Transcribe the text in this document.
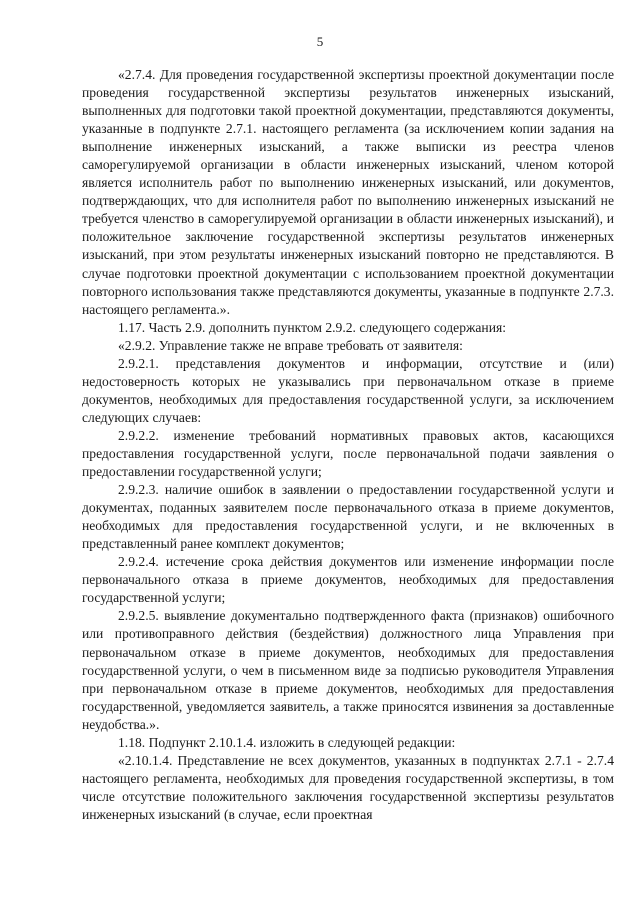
5

«2.7.4. Для проведения государственной экспертизы проектной документации после проведения государственной экспертизы результатов инженерных изысканий, выполненных для подготовки такой проектной документации, представляются документы, указанные в подпункте 2.7.1. настоящего регламента (за исключением копии задания на выполнение инженерных изысканий, а также выписки из реестра членов саморегулируемой организации в области инженерных изысканий, членом которой является исполнитель работ по выполнению инженерных изысканий, или документов, подтверждающих, что для исполнителя работ по выполнению инженерных изысканий не требуется членство в саморегулируемой организации в области инженерных изысканий), и положительное заключение государственной экспертизы результатов инженерных изысканий, при этом результаты инженерных изысканий повторно не представляются. В случае подготовки проектной документации с использованием проектной документации повторного использования также представляются документы, указанные в подпункте 2.7.3. настоящего регламента.».

1.17. Часть 2.9. дополнить пунктом 2.9.2. следующего содержания:

«2.9.2. Управление также не вправе требовать от заявителя:

2.9.2.1. представления документов и информации, отсутствие и (или) недостоверность которых не указывались при первоначальном отказе в приеме документов, необходимых для предоставления государственной услуги, за исключением следующих случаев:

2.9.2.2. изменение требований нормативных правовых актов, касающихся предоставления государственной услуги, после первоначальной подачи заявления о предоставлении государственной услуги;

2.9.2.3. наличие ошибок в заявлении о предоставлении государственной услуги и документах, поданных заявителем после первоначального отказа в приеме документов, необходимых для предоставления государственной услуги, и не включенных в представленный ранее комплект документов;

2.9.2.4. истечение срока действия документов или изменение информации после первоначального отказа в приеме документов, необходимых для предоставления государственной услуги;

2.9.2.5. выявление документально подтвержденного факта (признаков) ошибочного или противоправного действия (бездействия) должностного лица Управления при первоначальном отказе в приеме документов, необходимых для предоставления государственной услуги, о чем в письменном виде за подписью руководителя Управления при первоначальном отказе в приеме документов, необходимых для предоставления государственной, уведомляется заявитель, а также приносятся извинения за доставленные неудобства.».

1.18. Подпункт 2.10.1.4. изложить в следующей редакции:

«2.10.1.4. Представление не всех документов, указанных в подпунктах 2.7.1 - 2.7.4 настоящего регламента, необходимых для проведения государственной экспертизы, в том числе отсутствие положительного заключения государственной экспертизы результатов инженерных изысканий (в случае, если проектная
